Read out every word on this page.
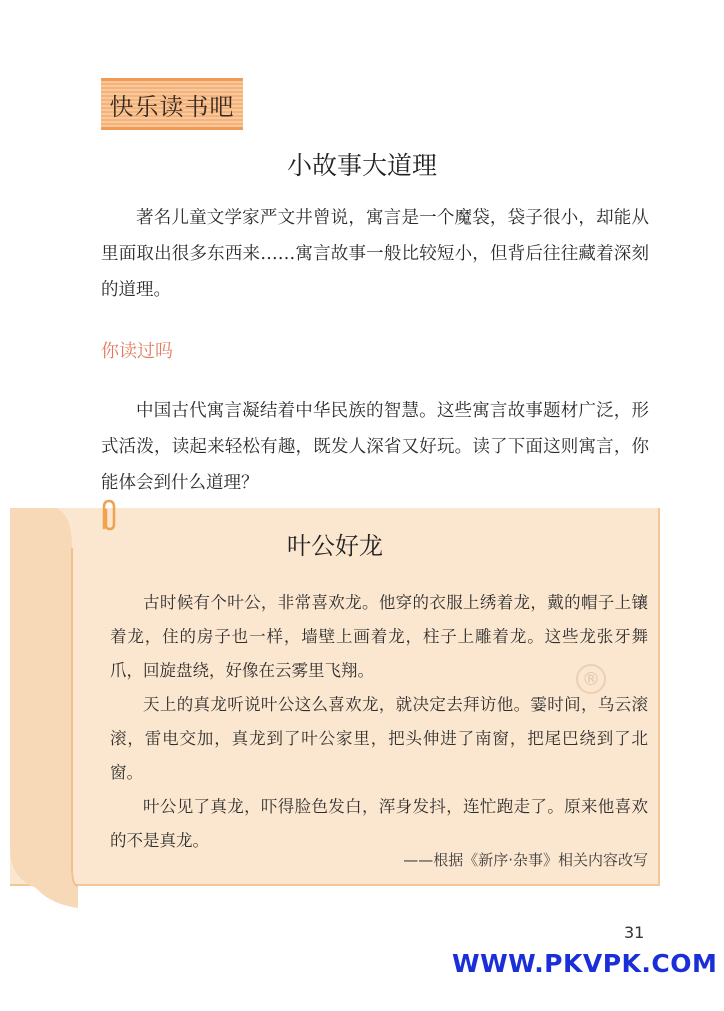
快乐读书吧
小故事大道理

著名儿童文学家严文井曾说，寓言是一个魔袋，袋子很小，却能从里面取出很多东西来……寓言故事一般比较短小，但背后往往藏着深刻的道理。

你读过吗

中国古代寓言凝结着中华民族的智慧。这些寓言故事题材广泛，形式活泼，读起来轻松有趣，既发人深省又好玩。读了下面这则寓言，你能体会到什么道理？

叶公好龙

古时候有个叶公，非常喜欢龙。他穿的衣服上绣着龙，戴的帽子上镶着龙，住的房子也一样，墙壁上画着龙，柱子上雕着龙。这些龙张牙舞爪，回旋盘绕，好像在云雾里飞翔。

天上的真龙听说叶公这么喜欢龙，就决定去拜访他。霎时间，乌云滚滚，雷电交加，真龙到了叶公家里，把头伸进了南窗，把尾巴绕到了北窗。

叶公见了真龙，吓得脸色发白，浑身发抖，连忙跑走了。原来他喜欢的不是真龙。

®
——根据《新序·杂事》相关内容改写
31
WWW.PKVPK.COM
